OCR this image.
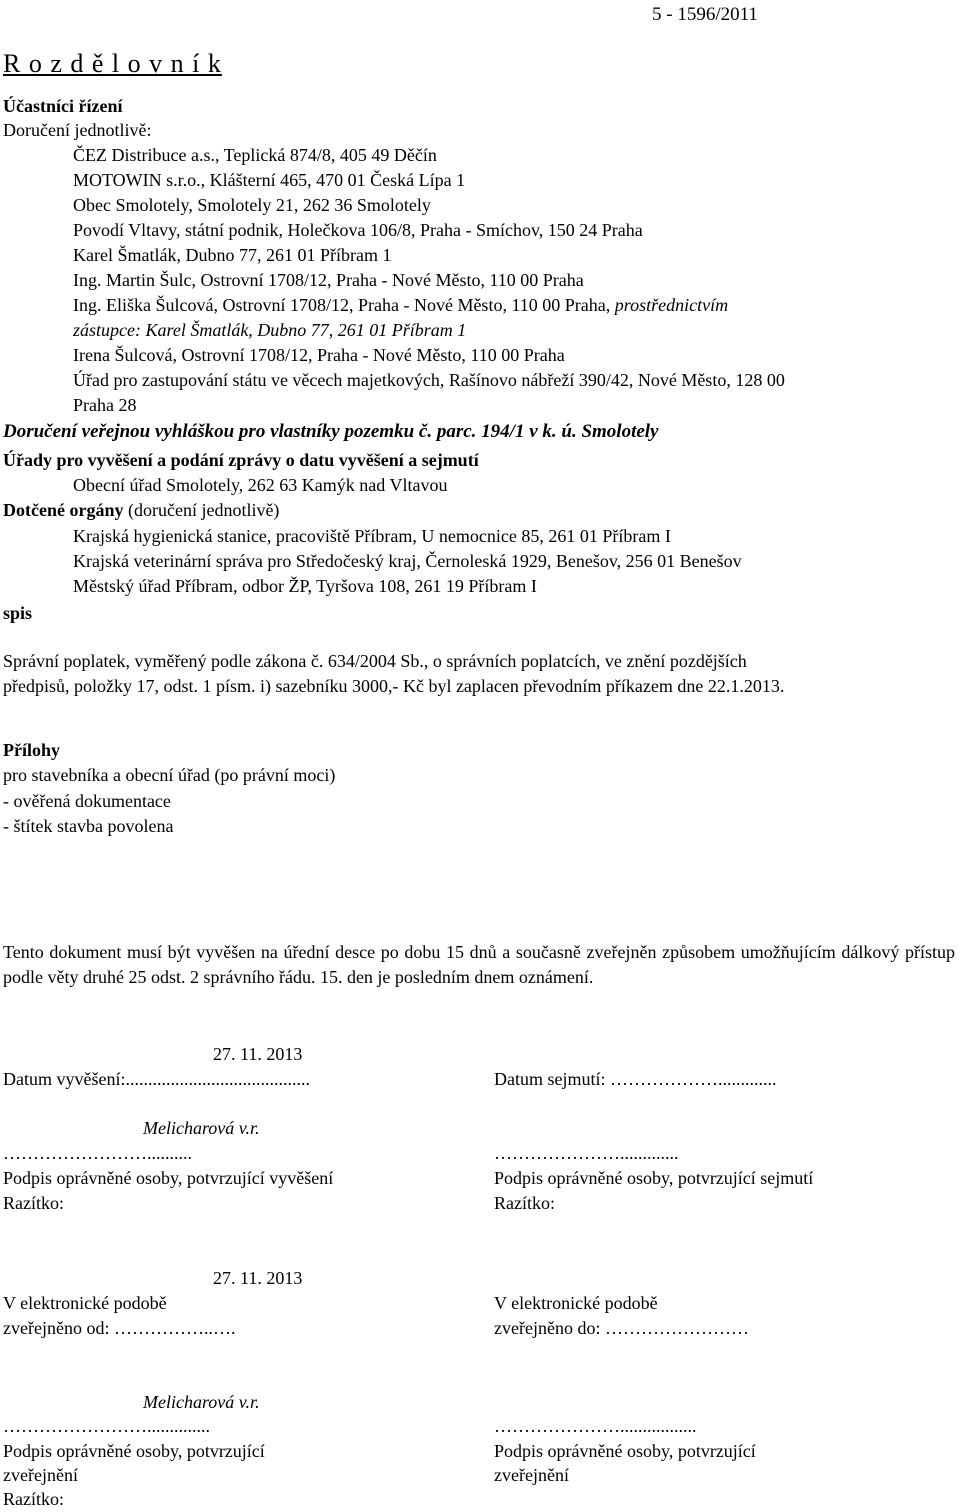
5 - 1596/2011
R o z d ě l o v n í k
Účastníci řízení
Doručení jednotlivě:
ČEZ Distribuce a.s., Teplická 874/8, 405 49 Děčín
MOTOWIN s.r.o., Klášterní 465, 470 01 Česká Lípa 1
Obec Smolotely, Smolotely 21, 262 36 Smolotely
Povodí Vltavy, státní podnik, Holečkova 106/8, Praha - Smíchov, 150 24 Praha
Karel Šmatlák, Dubno 77, 261 01 Příbram 1
Ing. Martin Šulc, Ostrovní 1708/12, Praha - Nové Město, 110 00 Praha
Ing. Eliška Šulcová, Ostrovní 1708/12, Praha - Nové Město, 110 00 Praha, prostřednictvím
zástupce: Karel Šmatlák, Dubno 77, 261 01 Příbram 1
Irena Šulcová, Ostrovní 1708/12, Praha - Nové Město, 110 00 Praha
Úřad pro zastupování státu ve věcech majetkových, Rašínovo nábřeží 390/42, Nové Město, 128 00
Praha 28
Doručení veřejnou vyhláškou pro vlastníky pozemku č. parc. 194/1 v k. ú. Smolotely
Úřady pro vyvěšení a podání zprávy o datu vyvěšení a sejmutí
Obecní úřad Smolotely, 262 63 Kamýk nad Vltavou
Dotčené orgány (doručení jednotlivě)
Krajská hygienická stanice, pracoviště Příbram, U nemocnice 85, 261 01 Příbram I
Krajská veterinární správa pro Středočeský kraj, Černoleská 1929, Benešov, 256 01 Benešov
Městský úřad Příbram, odbor ŽP, Tyršova 108, 261 19 Příbram I
spis
Správní poplatek, vyměřený podle zákona č. 634/2004 Sb., o správních poplatcích, ve znění pozdějších
předpisů, položky 17, odst. 1 písm. i) sazebníku 3000,- Kč byl zaplacen převodním příkazem dne 22.1.2013.
Přílohy
pro stavebníka a obecní úřad (po právní moci)
- ověřená dokumentace
- štítek stavba povolena
Tento dokument musí být vyvěšen na úřední desce po dobu 15 dnů a současně zveřejněn způsobem umožňujícím dálkový přístup podle věty druhé 25 odst. 2 správního řádu. 15. den je posledním dnem oznámení.
27. 11. 2013
Datum vyvěšení:.........................................	Datum sejmutí: ……………….............
Melicharová v.r.
……………………..........	………………….............
Podpis oprávněné osoby, potvrzující vyvěšení	Podpis oprávněné osoby, potvrzující sejmutí
Razítko:	Razítko:
27. 11. 2013
V elektronické podobě	V elektronické podobě
zveřejněno od: ……………..….	zveřejněno do: ……………………
Melicharová v.r.
……………………..............	………………….................
Podpis oprávněné osoby, potvrzující	Podpis oprávněné osoby, potvrzující
zveřejnění	zveřejnění
Razítko:
